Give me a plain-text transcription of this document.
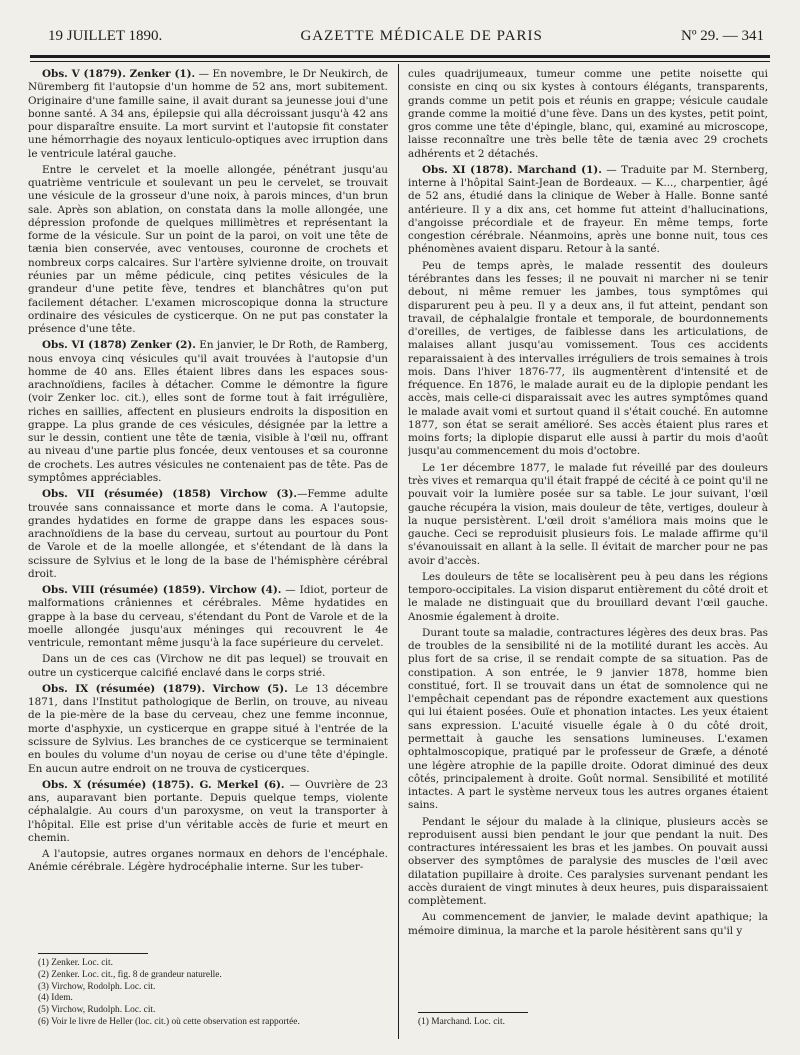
19 JUILLET 1890.	GAZETTE MÉDICALE DE PARIS	Nº 29. — 341

Obs. V (1879). Zenker (1). — En novembre, le Dr Neukirch, de Nüremberg fit l'autopsie d'un homme de 52 ans, mort subitement. Originaire d'une famille saine, il avait durant sa jeunesse joui d'une bonne santé. A 34 ans, épilepsie qui alla décroissant jusqu'à 42 ans pour disparaître ensuite. La mort survint et l'autopsie fit constater une hémorrhagie des noyaux lenticulo-optiques avec irruption dans le ventricule latéral gauche.

Entre le cervelet et la moelle allongée, pénétrant jusqu'au quatrième ventricule et soulevant un peu le cervelet, se trouvait une vésicule de la grosseur d'une noix, à parois minces, d'un brun sale. Après son ablation, on constata dans la molle allongée, une dépression profonde de quelques millimètres et représentant la forme de la vésicule. Sur un point de la paroi, on voit une tête de tænia bien conservée, avec ventouses, couronne de crochets et nombreux corps calcaires. Sur l'artère sylvienne droite, on trouvait réunies par un même pédicule, cinq petites vésicules de la grandeur d'une petite fève, tendres et blanchâtres qu'on put facilement détacher. L'examen microscopique donna la structure ordinaire des vésicules de cysticerque. On ne put pas constater la présence d'une tête.

Obs. VI (1878) Zenker (2). En janvier, le Dr Roth, de Ramberg, nous envoya cinq vésicules qu'il avait trouvées à l'autopsie d'un homme de 40 ans. Elles étaient libres dans les espaces sous-arachnoïdiens, faciles à détacher. Comme le démontre la figure (voir Zenker loc. cit.), elles sont de forme tout à fait irrégulière, riches en saillies, affectent en plusieurs endroits la disposition en grappe. La plus grande de ces vésicules, désignée par la lettre a sur le dessin, contient une tête de tænia, visible à l'œil nu, offrant au niveau d'une partie plus foncée, deux ventouses et sa couronne de crochets. Les autres vésicules ne contenaient pas de tête. Pas de symptômes appréciables.

Obs. VII (résumée) (1858) Virchow (3).—Femme adulte trouvée sans connaissance et morte dans le coma. A l'autopsie, grandes hydatides en forme de grappe dans les espaces sous-arachnoïdiens de la base du cerveau, surtout au pourtour du Pont de Varole et de la moelle allongée, et s'étendant de là dans la scissure de Sylvius et le long de la base de l'hémisphère cérébral droit.

Obs. VIII (résumée) (1859). Virchow (4). — Idiot, porteur de malformations crâniennes et cérébrales. Même hydatides en grappe à la base du cerveau, s'étendant du Pont de Varole et de la moelle allongée jusqu'aux méninges qui recouvrent le 4e ventricule, remontant même jusqu'à la face supérieure du cervelet.

Dans un de ces cas (Virchow ne dit pas lequel) se trouvait en outre un cysticerque calcifié enclavé dans le corps strié.

Obs. IX (résumée) (1879). Virchow (5). Le 13 décembre 1871, dans l'Institut pathologique de Berlin, on trouve, au niveau de la pie-mère de la base du cerveau, chez une femme inconnue, morte d'asphyxie, un cysticerque en grappe situé à l'entrée de la scissure de Sylvius. Les branches de ce cysticerque se terminaient en boules du volume d'un noyau de cerise ou d'une tête d'épingle. En aucun autre endroit on ne trouva de cysticerques.

Obs. X (résumée) (1875). G. Merkel (6). — Ouvrière de 23 ans, auparavant bien portante. Depuis quelque temps, violente céphalalgie. Au cours d'un paroxysme, on veut la transporter à l'hôpital. Elle est prise d'un véritable accès de furie et meurt en chemin.

A l'autopsie, autres organes normaux en dehors de l'encéphale. Anémie cérébrale. Légère hydrocéphalie interne. Sur les tuber-

cules quadrijumeaux, tumeur comme une petite noisette qui consiste en cinq ou six kystes à contours élégants, transparents, grands comme un petit pois et réunis en grappe; vésicule caudale grande comme la moitié d'une fève. Dans un des kystes, petit point, gros comme une tête d'épingle, blanc, qui, examiné au microscope, laisse reconnaître une très belle tête de tænia avec 29 crochets adhérents et 2 détachés.

Obs. XI (1878). Marchand (1). — Traduite par M. Sternberg, interne à l'hôpital Saint-Jean de Bordeaux. — K..., charpentier, âgé de 52 ans, étudié dans la clinique de Weber à Halle. Bonne santé antérieure. Il y a dix ans, cet homme fut atteint d'hallucinations, d'angoisse précordiale et de frayeur. En même temps, forte congestion cérébrale. Néanmoins, après une bonne nuit, tous ces phénomènes avaient disparu. Retour à la santé.

Peu de temps après, le malade ressentit des douleurs térébrantes dans les fesses; il ne pouvait ni marcher ni se tenir debout, ni même remuer les jambes, tous symptômes qui disparurent peu à peu. Il y a deux ans, il fut atteint, pendant son travail, de céphalalgie frontale et temporale, de bourdonnements d'oreilles, de vertiges, de faiblesse dans les articulations, de malaises allant jusqu'au vomissement. Tous ces accidents reparaissaient à des intervalles irréguliers de trois semaines à trois mois. Dans l'hiver 1876-77, ils augmentèrent d'intensité et de fréquence. En 1876, le malade aurait eu de la diplopie pendant les accès, mais celle-ci disparaissait avec les autres symptômes quand le malade avait vomi et surtout quand il s'était couché. En automne 1877, son état se serait amélioré. Ses accès étaient plus rares et moins forts; la diplopie disparut elle aussi à partir du mois d'août jusqu'au commencement du mois d'octobre.

Le 1er décembre 1877, le malade fut réveillé par des douleurs très vives et remarqua qu'il était frappé de cécité à ce point qu'il ne pouvait voir la lumière posée sur sa table. Le jour suivant, l'œil gauche récupéra la vision, mais douleur de tête, vertiges, douleur à la nuque persistèrent. L'œil droit s'améliora mais moins que le gauche. Ceci se reproduisit plusieurs fois. Le malade affirme qu'il s'évanouissait en allant à la selle. Il évitait de marcher pour ne pas avoir d'accès.

Les douleurs de tête se localisèrent peu à peu dans les régions temporo-occipitales. La vision disparut entièrement du côté droit et le malade ne distinguait que du brouillard devant l'œil gauche. Anosmie également à droite.

Durant toute sa maladie, contractures légères des deux bras. Pas de troubles de la sensibilité ni de la motilité durant les accès. Au plus fort de sa crise, il se rendait compte de sa situation. Pas de constipation. A son entrée, le 9 janvier 1878, homme bien constitué, fort. Il se trouvait dans un état de somnolence qui ne l'empêchait cependant pas de répondre exactement aux questions qui lui étaient posées. Ouïe et phonation intactes. Les yeux étaient sans expression. L'acuité visuelle égale à 0 du côté droit, permettait à gauche les sensations lumineuses. L'examen ophtalmoscopique, pratiqué par le professeur de Græfe, a dénoté une légère atrophie de la papille droite. Odorat diminué des deux côtés, principalement à droite. Goût normal. Sensibilité et motilité intactes. A part le système nerveux tous les autres organes étaient sains.

Pendant le séjour du malade à la clinique, plusieurs accès se reproduisent aussi bien pendant le jour que pendant la nuit. Des contractures intéressaient les bras et les jambes. On pouvait aussi observer des symptômes de paralysie des muscles de l'œil avec dilatation pupillaire à droite. Ces paralysies survenant pendant les accès duraient de vingt minutes à deux heures, puis disparaissaient complètement.

Au commencement de janvier, le malade devint apathique; la mémoire diminua, la marche et la parole hésitèrent sans qu'il y

(1) Zenker. Loc. cit.
(2) Zenker. Loc. cit., fig. 8 de grandeur naturelle.
(3) Virchow, Rodolph. Loc. cit.
(4) Idem.
(5) Virchow, Rudolph. Loc. cit.
(6) Voir le livre de Heller (loc. cit.) où cette observation est rapportée.	(1) Marchand. Loc. cit.
